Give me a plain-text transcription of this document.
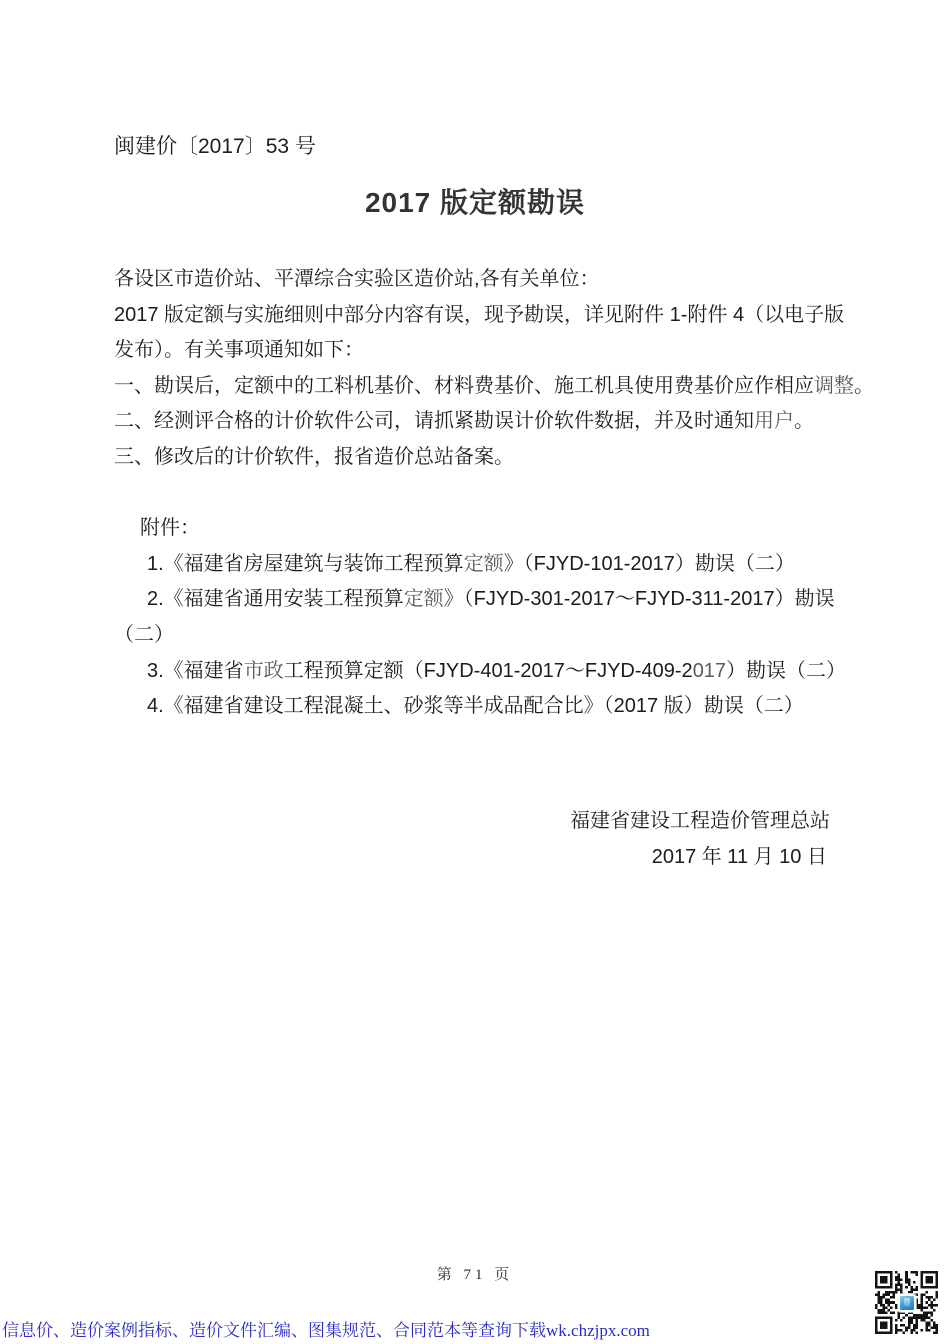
闽建价〔2017〕53 号
2017 版定额勘误
各设区市造价站、平潭综合实验区造价站,各有关单位：
2017 版定额与实施细则中部分内容有误，现予勘误，详见附件 1-附件 4（以电子版
发布）。有关事项通知如下：
一、勘误后，定额中的工料机基价、材料费基价、施工机具使用费基价应作相应调整。
二、经测评合格的计价软件公司，请抓紧勘误计价软件数据，并及时通知用户。
三、修改后的计价软件，报省造价总站备案。
附件：
1.《福建省房屋建筑与装饰工程预算定额》（FJYD-101-2017）勘误（二）
2.《福建省通用安装工程预算定额》（FJYD-301-2017～FJYD-311-2017）勘误
（二）
3.《福建省市政工程预算定额（FJYD-401-2017～FJYD-409-2017）勘误（二）
4.《福建省建设工程混凝土、砂浆等半成品配合比》（2017 版）勘误（二）
福建省建设工程造价管理总站
2017 年 11 月 10 日
第 71 页
信息价、造价案例指标、造价文件汇编、图集规范、合同范本等查询下载wk.chzjpx.com
